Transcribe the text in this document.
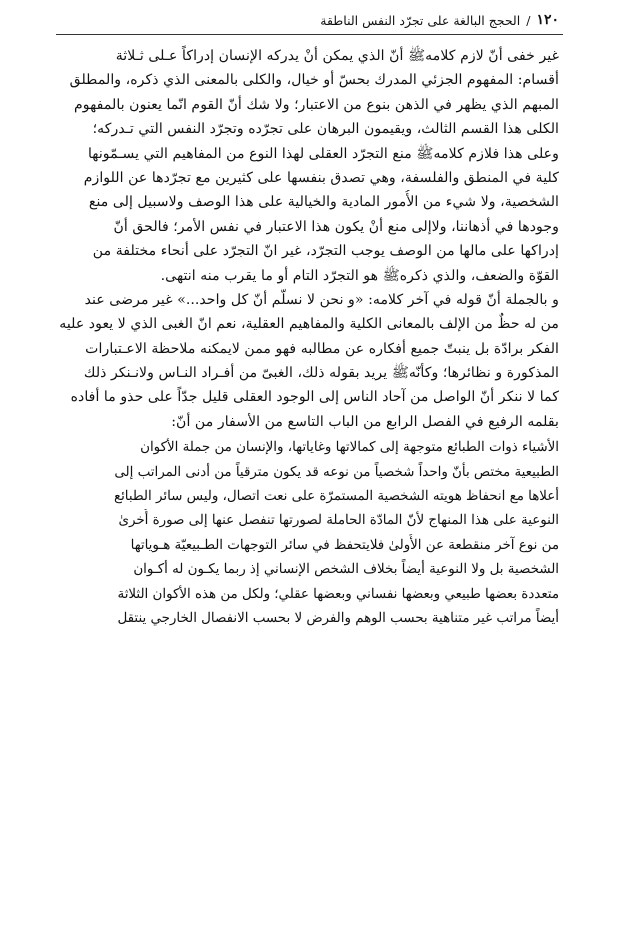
١٢٠
/
الحجج البالغة على تجرّد النفس الناطقة
غير خفى أنّ لازم كلامهﷺ أنّ الذي يمكن أنْ يدركه الإنسان إدراكاً عـلى ثـلاثة
أقسام: المفهوم الجزئي المدرك بحسّ أو خيال، والكلى بالمعنى الذي ذكره، والمطلق
المبهم الذي يظهر في الذهن بنوع من الاعتبار؛ ولا شك أنّ القوم انّما يعنون بالمفهوم
الكلى هذا القسم الثالث، ويقيمون البرهان على تجرّده وتجرّد النفس التي تـدركه؛
وعلى هذا فلازم كلامهﷺ منع التجرّد العقلى لهذا النوع من المفاهيم التي يسـمّونها
كلية في المنطق والفلسفة، وهي تصدق بنفسها على كثيرين مع تجرّدها عن اللوازم
الشخصية، ولا شيء من الأُمور المادية والخيالية على هذا الوصف ولاسبيل إلى منع
وجودها في أذهاننا، ولاإلى منع أنْ يكون هذا الاعتبار في نفس الأمر؛ فالحق أنّ
إدراكها على مالها من الوصف يوجب التجرّد، غير انّ التجرّد على أنحاء مختلفة من
القوّة والضعف، والذي ذكرهﷺ هو التجرّد التام أو ما يقرب منه انتهى.
و بالجملة أنّ قوله في آخر كلامه: «و نحن لا نسلّم أنّ كل واحد...» غير مرضى عند
من له حظٌ من الإلف بالمعانى الكلية والمفاهيم العقلية، نعم انّ الغبى الذي لا يعود عليه
الفكر برادّة بل ينبتّ جميع أفكاره عن مطالبه فهو ممن لايمكنه ملاحظة الاعـتبارات
المذكورة و نظائرها؛ وكأنّهﷺ يريد بقوله ذلك، الغبىّ من أفـراد النـاس ولانـنكر ذلك
كما لا ننكر أنّ الواصل من آحاد الناس إلى الوجود العقلى قليل جدّاً على حذو ما أفاده
بقلمه الرفيع في الفصل الرابع من الباب التاسع من الأسفار من أنّ:
الأشياء ذوات الطبائع متوجهة إلى كمالاتها وغاياتها، والإنسان من جملة الأكوان
الطبيعية مختص بأنّ واحداً شخصياً من نوعه قد يكون مترقياً من أدنى المراتب إلى
أعلاها مع انحفاظ هويته الشخصية المستمرّة على نعت اتصال، وليس سائر الطبائع
النوعية على هذا المنهاج لأنّ المادّة الحاملة لصورتها تنفصل عنها إلى صورة أُخرىٰ
من نوع آخر منقطعة عن الأُولىٰ فلايتحفظ في سائر التوجهات الطـبيعيّة هـوياتها
الشخصية بل ولا النوعية أيضاً بخلاف الشخص الإنساني إذ ربما يكـون له أكـوان
متعددة بعضها طبيعي وبعضها نفساني وبعضها عقلي؛ ولكل من هذه الأكوان الثلاثة
أيضاً مراتب غير متناهية بحسب الوهم والفرض لا بحسب الانفصال الخارجي ينتقل
